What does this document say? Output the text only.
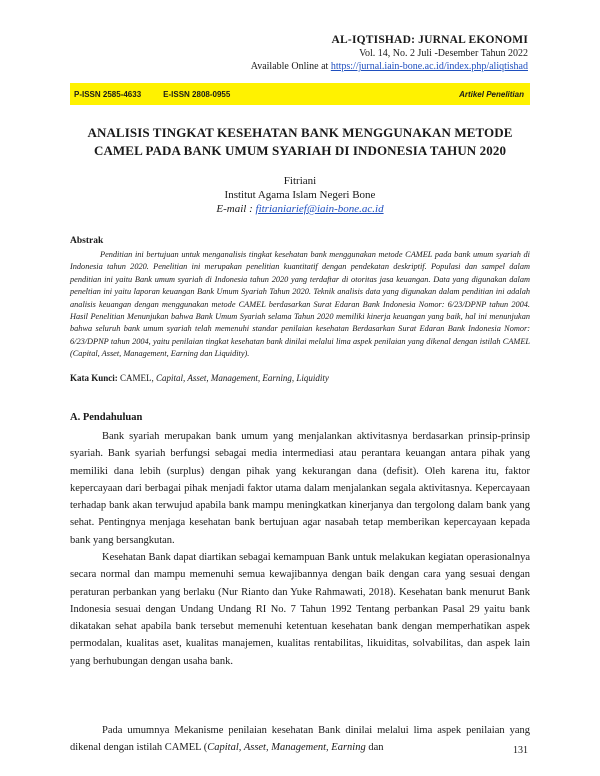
AL-IQTISHAD: JURNAL EKONOMI
Vol. 14, No. 2 Juli -Desember Tahun 2022
Available Online at https://jurnal.iain-bone.ac.id/index.php/aliqtishad
P-ISSN 2585-4633	E-ISSN 2808-0955	Artikel Penelitian
ANALISIS TINGKAT KESEHATAN BANK MENGGUNAKAN METODE
CAMEL PADA BANK UMUM SYARIAH DI INDONESIA TAHUN 2020
Fitriani
Institut Agama Islam Negeri Bone
E-mail : fitrianiarief@iain-bone.ac.id
Abstrak
Penditian ini bertujuan untuk menganalisis tingkat kesehatan bank menggunakan metode CAMEL pada bank umum syariah di Indonesia tahun 2020. Penelitian ini merupakan penelitian kuantitatif dengan pendekatan deskriptif. Populasi dan sampel dalam penditian ini yaitu Bank umum syariah di Indonesia tahun 2020 yang terdaftar di otoritas jasa keuangan. Data yang digunakan dalam peneltian ini yaitu laporan keuangan Bank Umum Syariah Tahun 2020. Teknik analisis data yang digunakan dalam penditian ini adalah analisis keuangan dengan menggunakan metode CAMEL berdasarkan Surat Edaran Bank Indonesia Nomor: 6/23/DPNP tahun 2004. Hasil Penelitian Menunjukan bahwa Bank Umum Syariah selama Tahun 2020 memiliki kinerja keuangan yang baik, hal ini menunjukan bahwa seluruh bank umum syariah telah memenuhi standar penilaian kesehatan Berdasarkan Surat Edaran Bank Indonesia Nomor: 6/23/DPNP tahun 2004, yaitu penilaian tingkat kesehatan bank dinilai melalui lima aspek penilaian yang dikenal dengan istilah CAMEL (Capital, Asset, Management, Earning dan Liquidity).
Kata Kunci: CAMEL, Capital, Asset, Management, Earning, Liquidity
A. Pendahuluan
Bank syariah merupakan bank umum yang menjalankan aktivitasnya berdasarkan prinsip-prinsip syariah. Bank syariah berfungsi sebagai media intermediasi atau perantara keuangan antara pihak yang memiliki dana lebih (surplus) dengan pihak yang kekurangan dana (defisit). Oleh karena itu, faktor kepercayaan dari berbagai pihak menjadi faktor utama dalam menjalankan segala aktivitasnya. Kepercayaan terhadap bank akan terwujud apabila bank mampu meningkatkan kinerjanya dan tergolong dalam bank yang sehat. Pentingnya menjaga kesehatan bank bertujuan agar nasabah tetap memberikan kepercayaan kepada bank yang bersangkutan.
Kesehatan Bank dapat diartikan sebagai kemampuan Bank untuk melakukan kegiatan operasionalnya secara normal dan mampu memenuhi semua kewajibannya dengan baik dengan cara yang sesuai dengan peraturan perbankan yang berlaku (Nur Rianto dan Yuke Rahmawati, 2018). Kesehatan bank menurut Bank Indonesia sesuai dengan Undang Undang RI No. 7 Tahun 1992 Tentang perbankan Pasal 29 yaitu bank dikatakan sehat apabila bank tersebut memenuhi ketentuan kesehatan bank dengan memperhatikan aspek permodalan, kualitas aset, kualitas manajemen, kualitas rentabilitas, likuiditas, solvabilitas, dan aspek lain yang berhubungan dengan usaha bank.
Pada umumnya Mekanisme penilaian kesehatan Bank dinilai melalui lima aspek penilaian yang dikenal dengan istilah CAMEL (Capital, Asset, Management, Earning dan	131
